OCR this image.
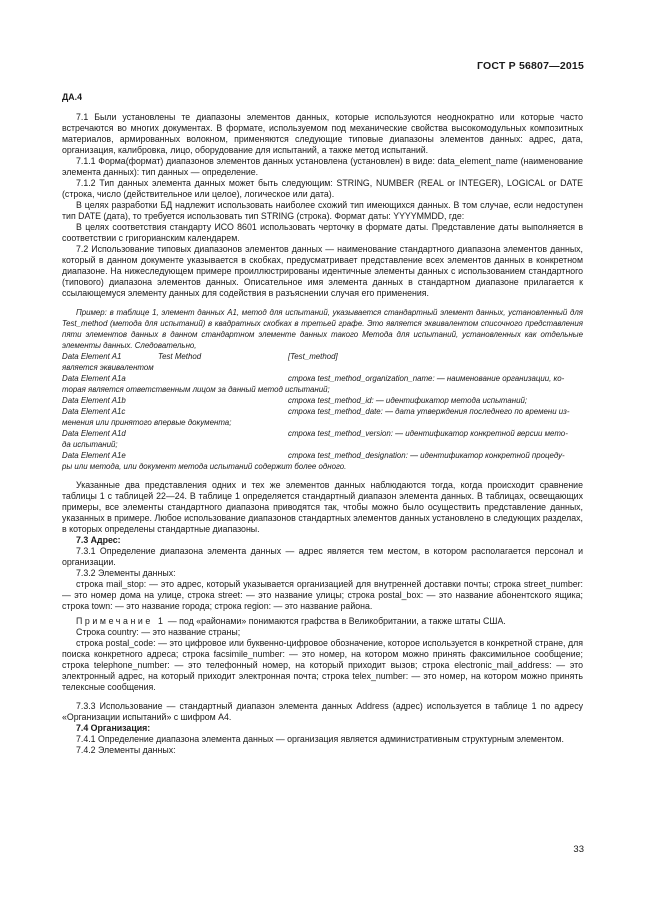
ГОСТ Р 56807—2015

ДА.4

7.1 Были установлены те диапазоны элементов данных, которые используются неоднократно или которые часто встречаются во многих документах. В формате, используемом под механические свойства высокомодульных композитных материалов, армированных волокном, применяются следующие типовые диапазоны элементов данных: адрес, дата, организация, калибровка, лицо, оборудование для испытаний, а также метод испытаний.

7.1.1 Форма(формат) диапазонов элементов данных установлена (установлен) в виде: data_element_name (наименование элемента данных): тип данных — определение.

7.1.2 Тип данных элемента данных может быть следующим: STRING, NUMBER (REAL or INTEGER), LOGICAL or DATE (строка, число (действительное или целое), логическое или дата).

В целях разработки БД надлежит использовать наиболее схожий тип имеющихся данных. В том случае, если недоступен тип DATE (дата), то требуется использовать тип STRING (строка). Формат даты: YYYYMMDD, где:

В целях соответствия стандарту ИСО 8601 использовать черточку в формате даты. Представление даты выполняется в соответствии с григорианским календарем.

7.2 Использование типовых диапазонов элементов данных — наименование стандартного диапазона элементов данных, который в данном документе указывается в скобках, предусматривает представление всех элементов данных в конкретном диапазоне. На нижеследующем примере проиллюстрированы идентичные элементы данных с использованием стандартного (типового) диапазона элементов данных. Описательное имя элемента данных в стандартном диапазоне прилагается к ссылающемуся элементу данных для содействия в разъяснении случая его применения.

Пример: в таблице 1, элемент данных A1, метод для испытаний, указывается стандартный элемент данных, установленный для Test_method (метода для испытаний) в квадратных скобках в третьей графе. Это является эквивалентом списочного представления пяти элементов данных в данном стандартном элементе данных такого Метода для испытаний, установленных как отдельные элементы данных. Следовательно,

Data Element A1	Test Method	[Test_method]

является эквивалентом

Data Element A1a	строка test_method_organization_name: — наименование организации, ко-

торая является ответственным лицом за данный метод испытаний;

Data Element A1b	строка test_method_id: — идентификатор метода испытаний;
Data Element A1c	строка test_method_date: — дата утверждения последнего по времени из-

менения или принятого впервые документа;

Data Element A1d	строка test_method_version: — идентификатор конкретной версии мето-

да испытаний;

Data Element A1e	строка test_method_designation: — идентификатор конкретной процеду-

ры или метода, или документ метода испытаний содержит более одного.

Указанные два представления одних и тех же элементов данных наблюдаются тогда, когда происходит сравнение таблицы 1 с таблицей 22—24. В таблице 1 определяется стандартный диапазон элемента данных. В таблицах, освещающих примеры, все элементы стандартного диапазона приводятся так, чтобы можно было осуществить представление данных, указанных в примере. Любое использование диапазонов стандартных элементов данных установлено в следующих разделах, в которых определены стандартные диапазоны.

7.3 Адрес:

7.3.1 Определение диапазона элемента данных — адрес является тем местом, в котором располагается персонал и организации.

7.3.2 Элементы данных:

строка mail_stop: — это адрес, который указывается организацией для внутренней доставки почты; строка street_number: — это номер дома на улице, строка street: — это название улицы; строка postal_box: — это название абонентского ящика; строка town: — это название города; строка region: — это название района.

Примечание 1 — под «районами» понимаются графства в Великобритании, а также штаты США.

Строка country: — это название страны;

строка postal_code: — это цифровое или буквенно-цифровое обозначение, которое используется в конкретной стране, для поиска конкретного адреса; строка facsimile_number: — это номер, на котором можно принять факсимильное сообщение; строка telephone_number: — это телефонный номер, на который приходит вызов; строка electronic_mail_address: — это электронный адрес, на который приходит электронная почта; строка telex_number: — это номер, на котором можно принять телексные сообщения.

7.3.3 Использование — стандартный диапазон элемента данных Address (адрес) используется в таблице 1 по адресу «Организации испытаний» с шифром A4.

7.4 Организация:

7.4.1 Определение диапазона элемента данных — организация является административным структурным элементом.

7.4.2 Элементы данных:

33
